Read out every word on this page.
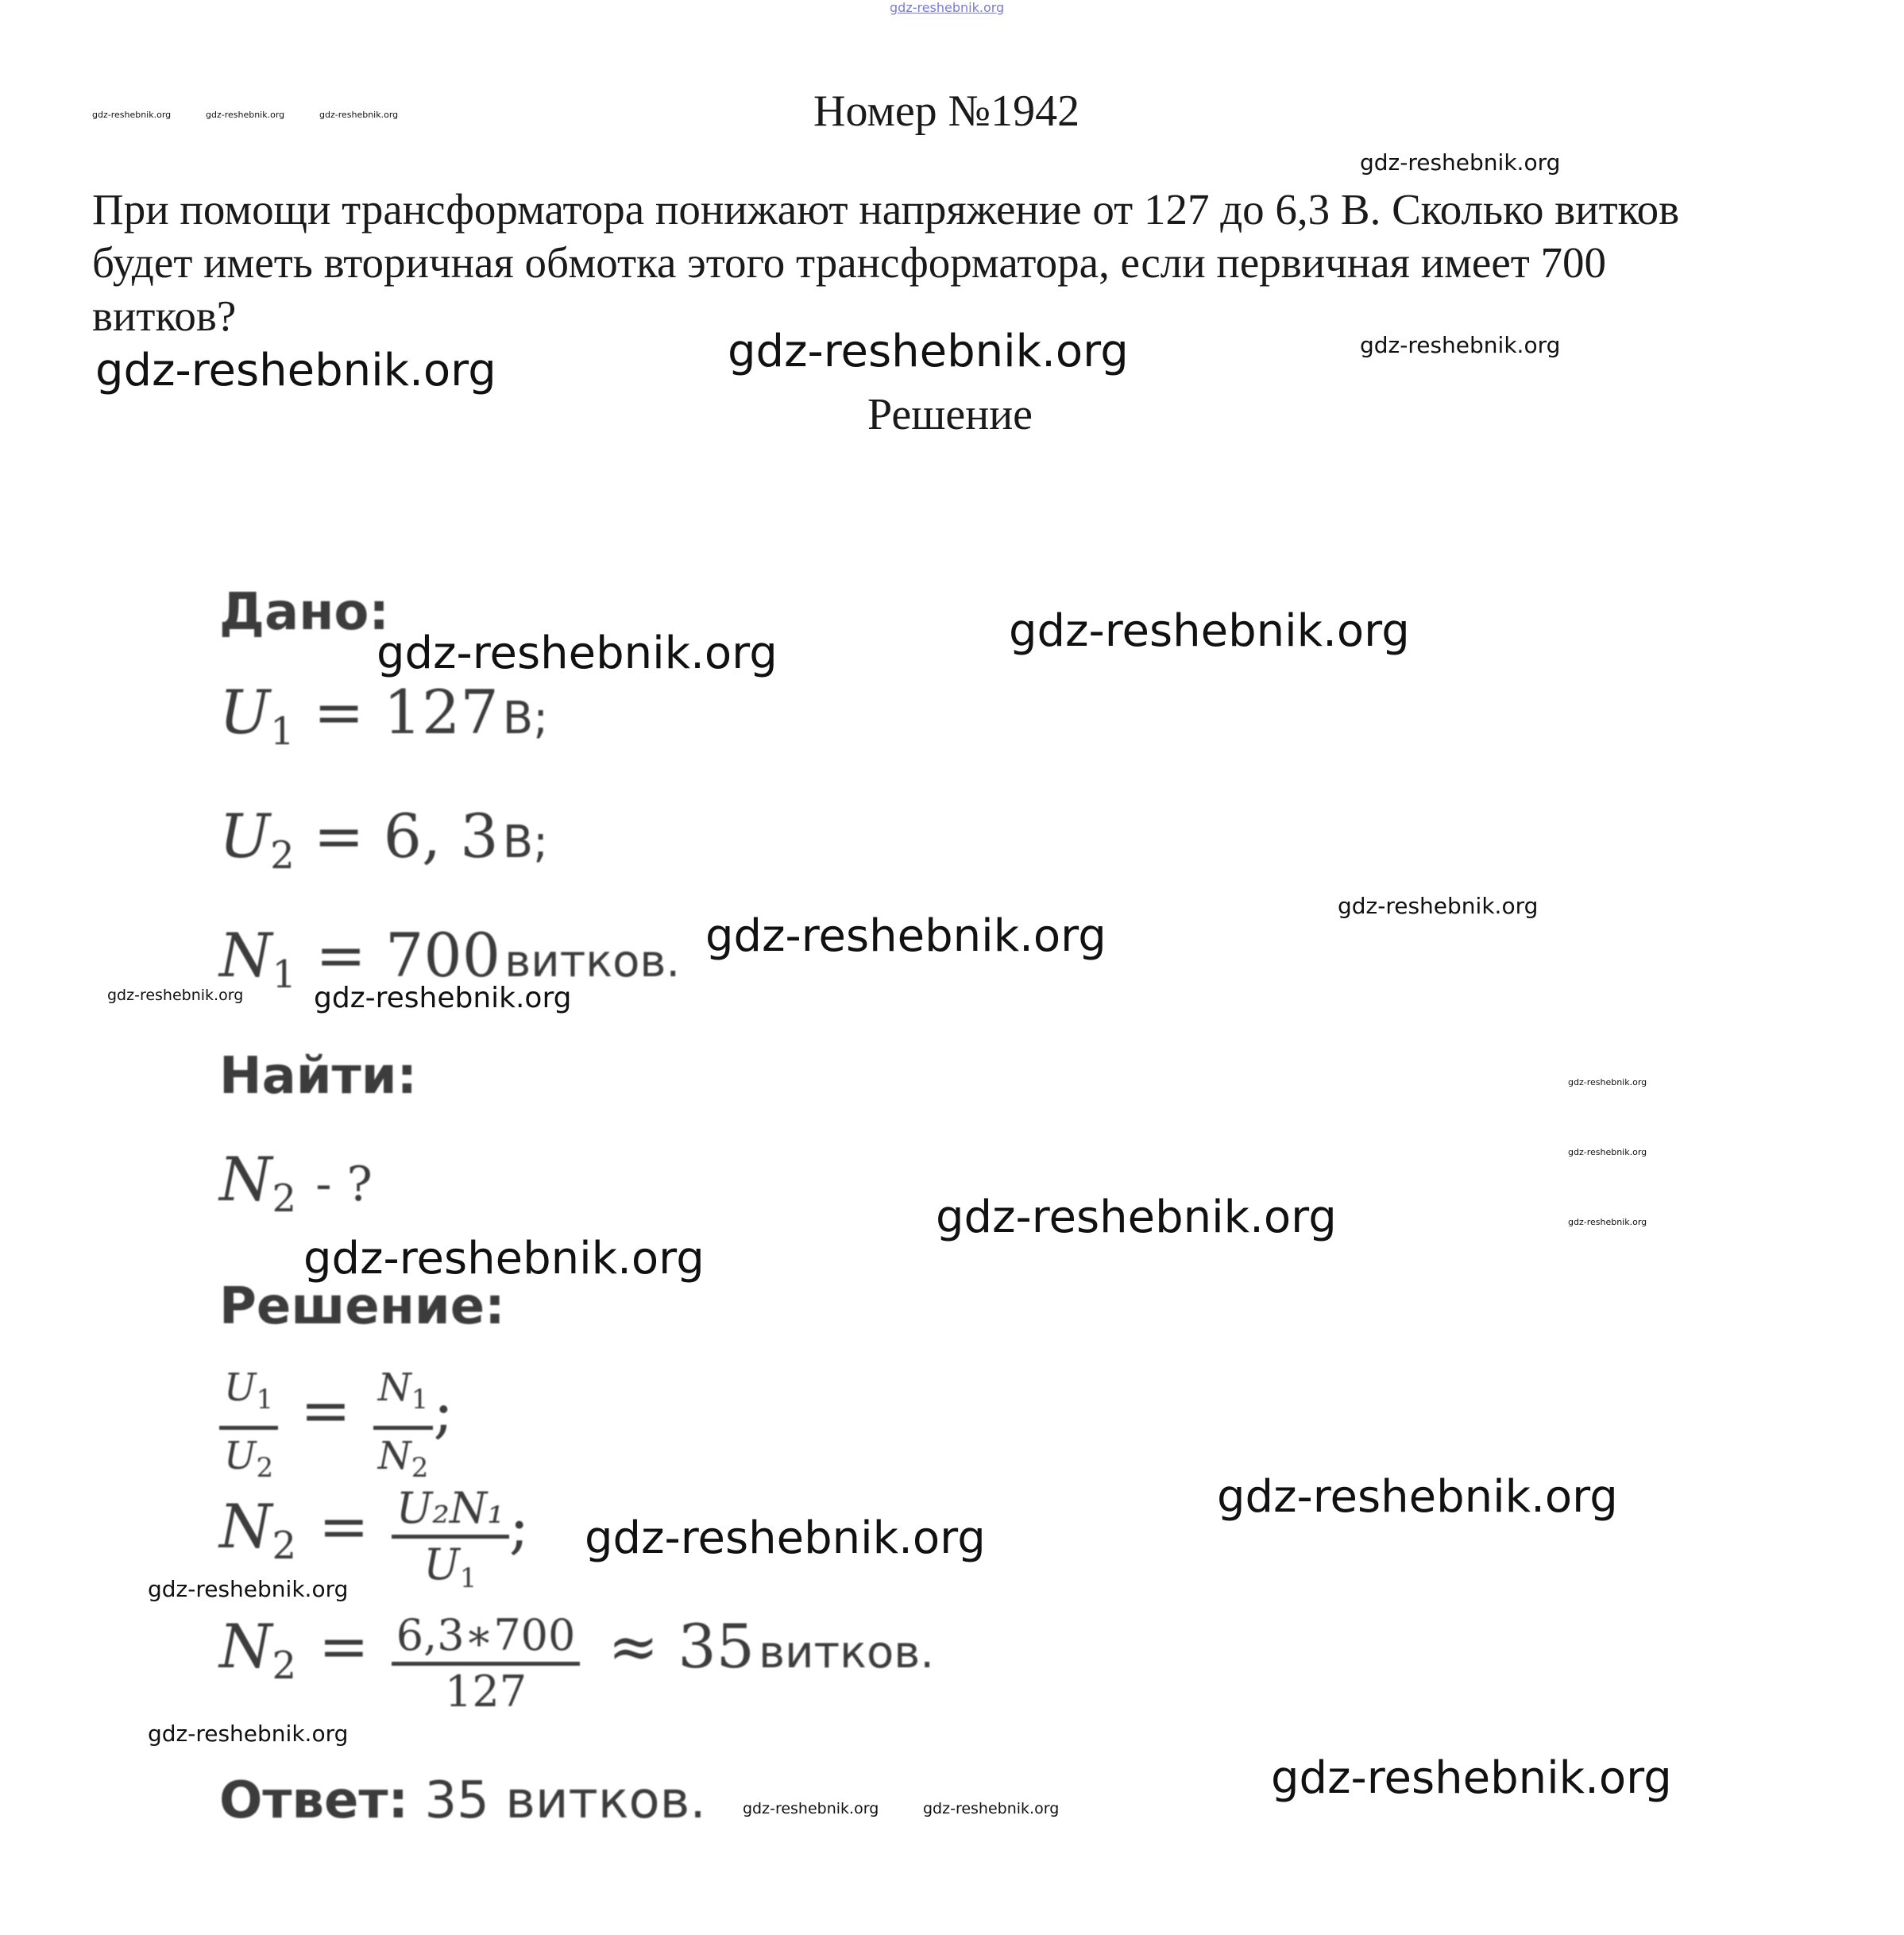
gdz-reshebnik.org
gdz-reshebnik.org	gdz-reshebnik.org	gdz-reshebnik.org
gdz-reshebnik.org
gdz-reshebnik.org	gdz-reshebnik.org	gdz-reshebnik.org
gdz-reshebnik.org	gdz-reshebnik.org
gdz-reshebnik.org
gdz-reshebnik.org
gdz-reshebnik.org gdz-reshebnik.org
gdz-reshebnik.org
gdz-reshebnik.org
gdz-reshebnik.org
gdz-reshebnik.org
gdz-reshebnik.org
gdz-reshebnik.org
gdz-reshebnik.org
gdz-reshebnik.org
gdz-reshebnik.org
gdz-reshebnik.org
gdz-reshebnik.org	gdz-reshebnik.org
Номер №1942

При помощи трансформатора понижают напряжение от 127 до 6,3 В. Сколько витков будет иметь вторичная обмотка этого трансформатора, если первичная имеет 700 витков?

Решение
Дано:
$U_1 = 127$ В;
$U_2 = 6$, 3 В;
$N_1 = 700$ витков.
Найти:
$N_2$ - ?
Решение:
$\frac{U_1}{U_2} = \frac{N_1}{N_2}$ ;
$N_2 = \frac{\text{U₂N₁}}{U_1}$ ;
$N_2 = \frac{6,3∗700}{127} \approx 35$ витков.
Ответ: 35 витков.
